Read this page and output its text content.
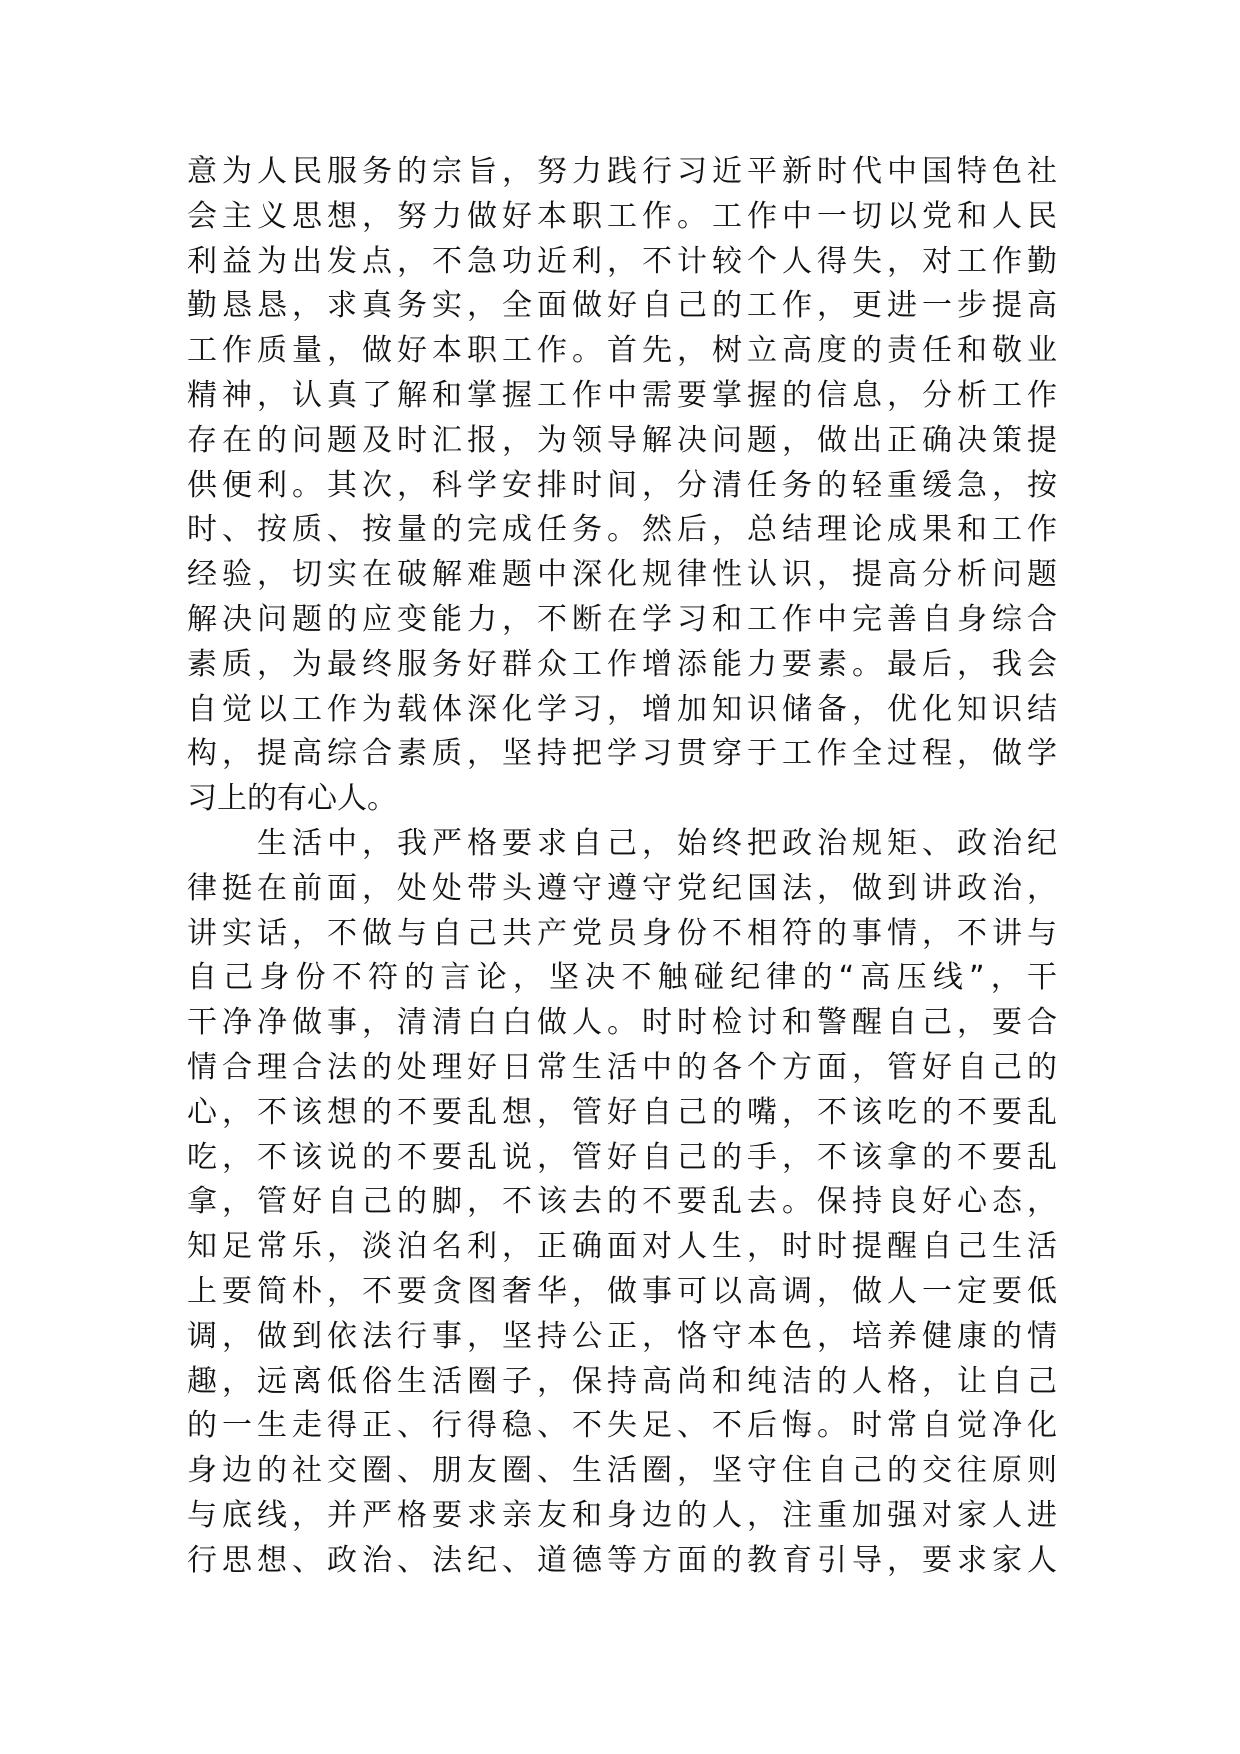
意为人民服务的宗旨，努力践行习近平新时代中国特色社
会主义思想，努力做好本职工作。工作中一切以党和人民
利益为出发点，不急功近利，不计较个人得失，对工作勤
勤恳恳，求真务实，全面做好自己的工作，更进一步提高
工作质量，做好本职工作。首先，树立高度的责任和敬业
精神，认真了解和掌握工作中需要掌握的信息，分析工作
存在的问题及时汇报，为领导解决问题，做出正确决策提
供便利。其次，科学安排时间，分清任务的轻重缓急，按
时、按质、按量的完成任务。然后，总结理论成果和工作
经验，切实在破解难题中深化规律性认识，提高分析问题
解决问题的应变能力，不断在学习和工作中完善自身综合
素质，为最终服务好群众工作增添能力要素。最后，我会
自觉以工作为载体深化学习，增加知识储备，优化知识结
构，提高综合素质，坚持把学习贯穿于工作全过程，做学
习上的有心人。
　　生活中，我严格要求自己，始终把政治规矩、政治纪
律挺在前面，处处带头遵守遵守党纪国法，做到讲政治，
讲实话，不做与自己共产党员身份不相符的事情，不讲与
自己身份不符的言论，坚决不触碰纪律的“高压线”，干
干净净做事，清清白白做人。时时检讨和警醒自己，要合
情合理合法的处理好日常生活中的各个方面，管好自己的
心，不该想的不要乱想，管好自己的嘴，不该吃的不要乱
吃，不该说的不要乱说，管好自己的手，不该拿的不要乱
拿，管好自己的脚，不该去的不要乱去。保持良好心态，
知足常乐，淡泊名利，正确面对人生，时时提醒自己生活
上要简朴，不要贪图奢华，做事可以高调，做人一定要低
调，做到依法行事，坚持公正，恪守本色，培养健康的情
趣，远离低俗生活圈子，保持高尚和纯洁的人格，让自己
的一生走得正、行得稳、不失足、不后悔。时常自觉净化
身边的社交圈、朋友圈、生活圈，坚守住自己的交往原则
与底线，并严格要求亲友和身边的人，注重加强对家人进
行思想、政治、法纪、道德等方面的教育引导，要求家人
